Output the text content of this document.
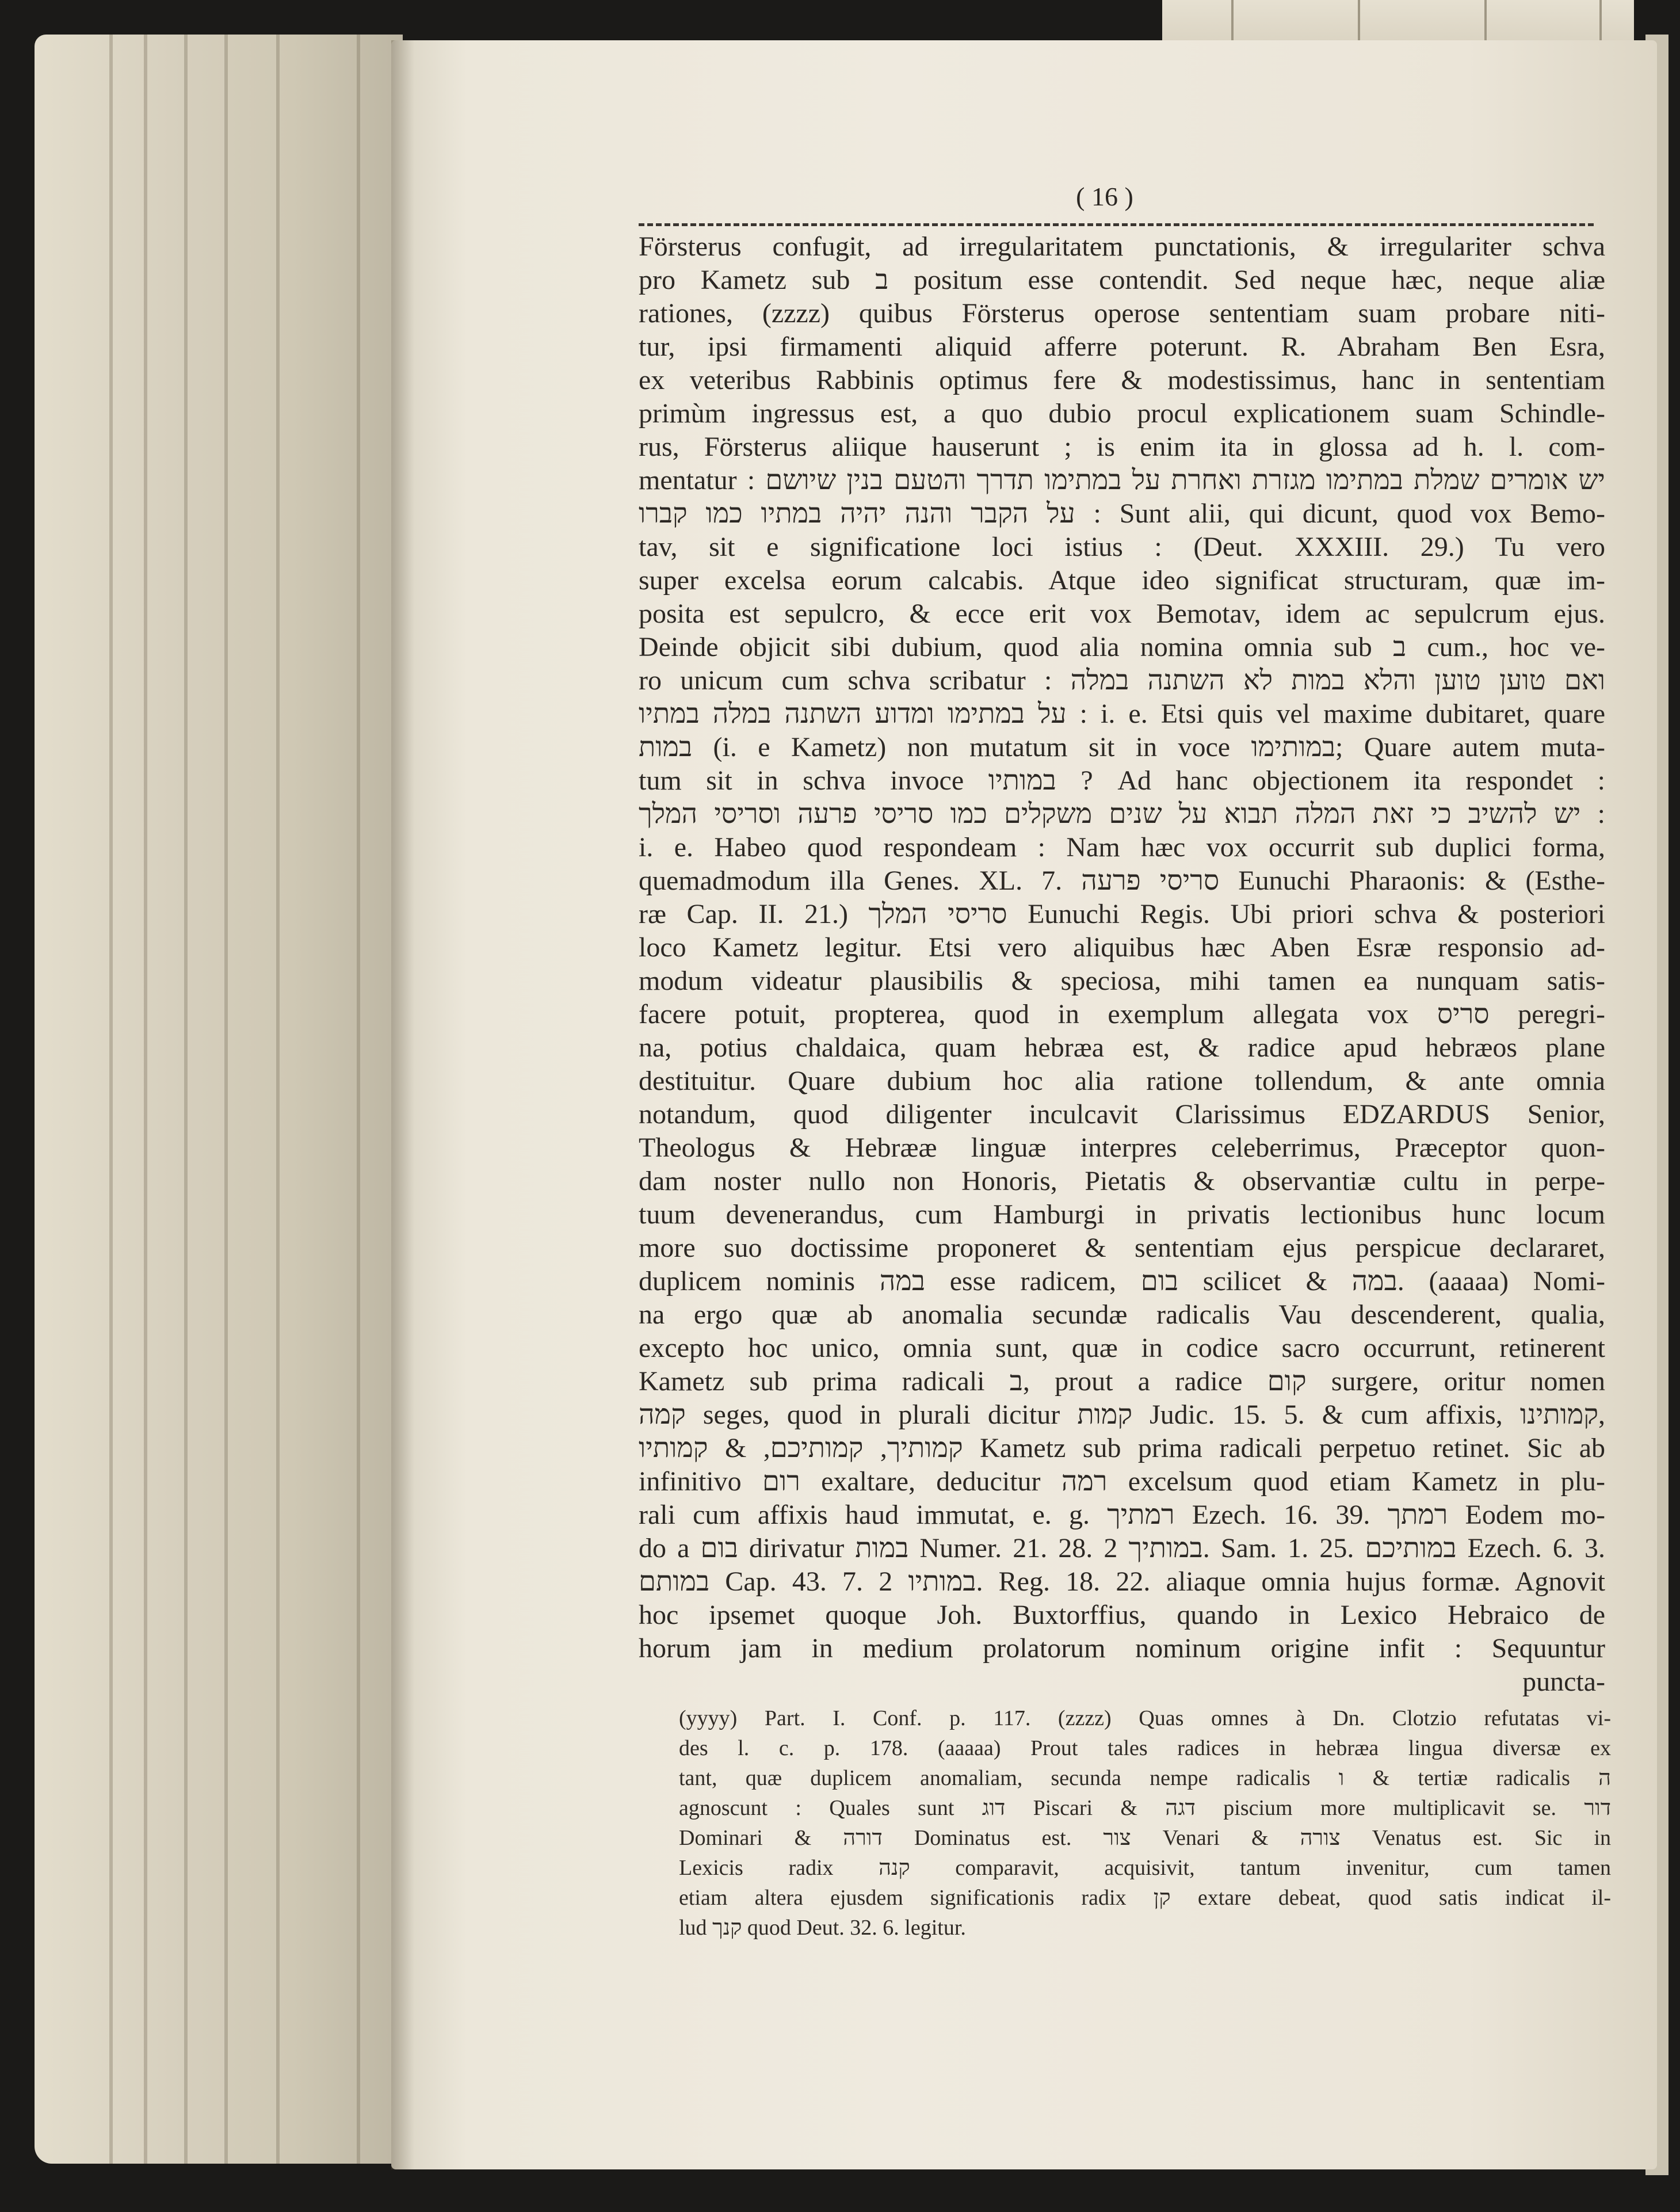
( 16 )
Försterus confugit, ad irregularitatem punctationis, & irregulariter schva
pro Kametz sub ב positum esse contendit. Sed neque hæc, neque aliæ
rationes, (zzzz) quibus Försterus operose sententiam suam probare niti-
tur, ipsi firmamenti aliquid afferre poterunt. R. Abraham Ben Esra,
ex veteribus Rabbinis optimus fere & modestissimus, hanc in sententiam
primùm ingressus est, a quo dubio procul explicationem suam Schindle-
rus, Försterus aliique hauserunt ; is enim ita in glossa ad h. l. com-
mentatur : יש אומרים שמלת במתימו מגזרת ואחרת על במתימו תדרך והטעם בנין שיושם
על הקבר והנה יהיה במתיו כמו קברו : Sunt alii, qui dicunt, quod vox Bemo-
tav, sit e significatione loci istius : (Deut. XXXIII. 29.) Tu vero
super excelsa eorum calcabis. Atque ideo significat structuram, quæ im-
posita est sepulcro, & ecce erit vox Bemotav, idem ac sepulcrum ejus.
Deinde objicit sibi dubium, quod alia nomina omnia sub ב cum., hoc ve-
ro unicum cum schva scribatur : ואם טוען טוען והלא במות לא השתנה במלה
על במתימו ומדוע השתנה במלה במתיו : i. e. Etsi quis vel maxime dubitaret, quare
במות (i. e Kametz) non mutatum sit in voce במותימו; Quare autem muta-
tum sit in schva invoce במותיו ? Ad hanc objectionem ita respondet :
יש להשיב כי זאת המלה תבוא על שנים משקלים כמו סריסי פרעה וסריסי המלך :
i. e. Habeo quod respondeam : Nam hæc vox occurrit sub duplici forma,
quemadmodum illa Genes. XL. 7. סריסי פרעה Eunuchi Pharaonis: & (Esthe-
ræ Cap. II. 21.) סריסי המלך Eunuchi Regis. Ubi priori schva & posteriori
loco Kametz legitur. Etsi vero aliquibus hæc Aben Esræ responsio ad-
modum videatur plausibilis & speciosa, mihi tamen ea nunquam satis-
facere potuit, propterea, quod in exemplum allegata vox סריס peregri-
na, potius chaldaica, quam hebræa est, & radice apud hebræos plane
destituitur. Quare dubium hoc alia ratione tollendum, & ante omnia
notandum, quod diligenter inculcavit Clarissimus EDZARDUS Senior,
Theologus & Hebrææ linguæ interpres celeberrimus, Præceptor quon-
dam noster nullo non Honoris, Pietatis & observantiæ cultu in perpe-
tuum devenerandus, cum Hamburgi in privatis lectionibus hunc locum
more suo doctissime proponeret & sententiam ejus perspicue declararet,
duplicem nominis במה esse radicem, בום scilicet & במה. (aaaaa) Nomi-
na ergo quæ ab anomalia secundæ radicalis Vau descenderent, qualia,
excepto hoc unico, omnia sunt, quæ in codice sacro occurrunt, retinerent
Kametz sub prima radicali ב, prout a radice קום surgere, oritur nomen
קמה seges, quod in plurali dicitur קמות Judic. 15. 5. & cum affixis, קמותינו,
קמותיך, קמותיכם, & קמותיו Kametz sub prima radicali perpetuo retinet. Sic ab
infinitivo רום exaltare, deducitur רמה excelsum quod etiam Kametz in plu-
rali cum affixis haud immutat, e. g. רמתיך Ezech. 16. 39. רמתך Eodem mo-
do a בום dirivatur במות Numer. 21. 28. במותיך 2. Sam. 1. 25. במותיכם Ezech. 6. 3.
במותם Cap. 43. 7. במותיו 2. Reg. 18. 22. aliaque omnia hujus formæ. Agnovit
hoc ipsemet quoque Joh. Buxtorffius, quando in Lexico Hebraico de
horum jam in medium prolatorum nominum origine infit : Sequuntur
puncta-
(yyyy) Part. I. Conf. p. 117. (zzzz) Quas omnes à Dn. Clotzio refutatas vi-
des l. c. p. 178. (aaaaa) Prout tales radices in hebræa lingua diversæ ex
tant, quæ duplicem anomaliam, secunda nempe radicalis ו & tertiæ radicalis ה
agnoscunt : Quales sunt דוג Piscari & דגה piscium more multiplicavit se. דור
Dominari & דורה Dominatus est. צור Venari & צורה Venatus est. Sic in
Lexicis radix קנה comparavit, acquisivit, tantum invenitur, cum tamen
etiam altera ejusdem significationis radix קן extare debeat, quod satis indicat il-
lud קנך quod Deut. 32. 6. legitur.
